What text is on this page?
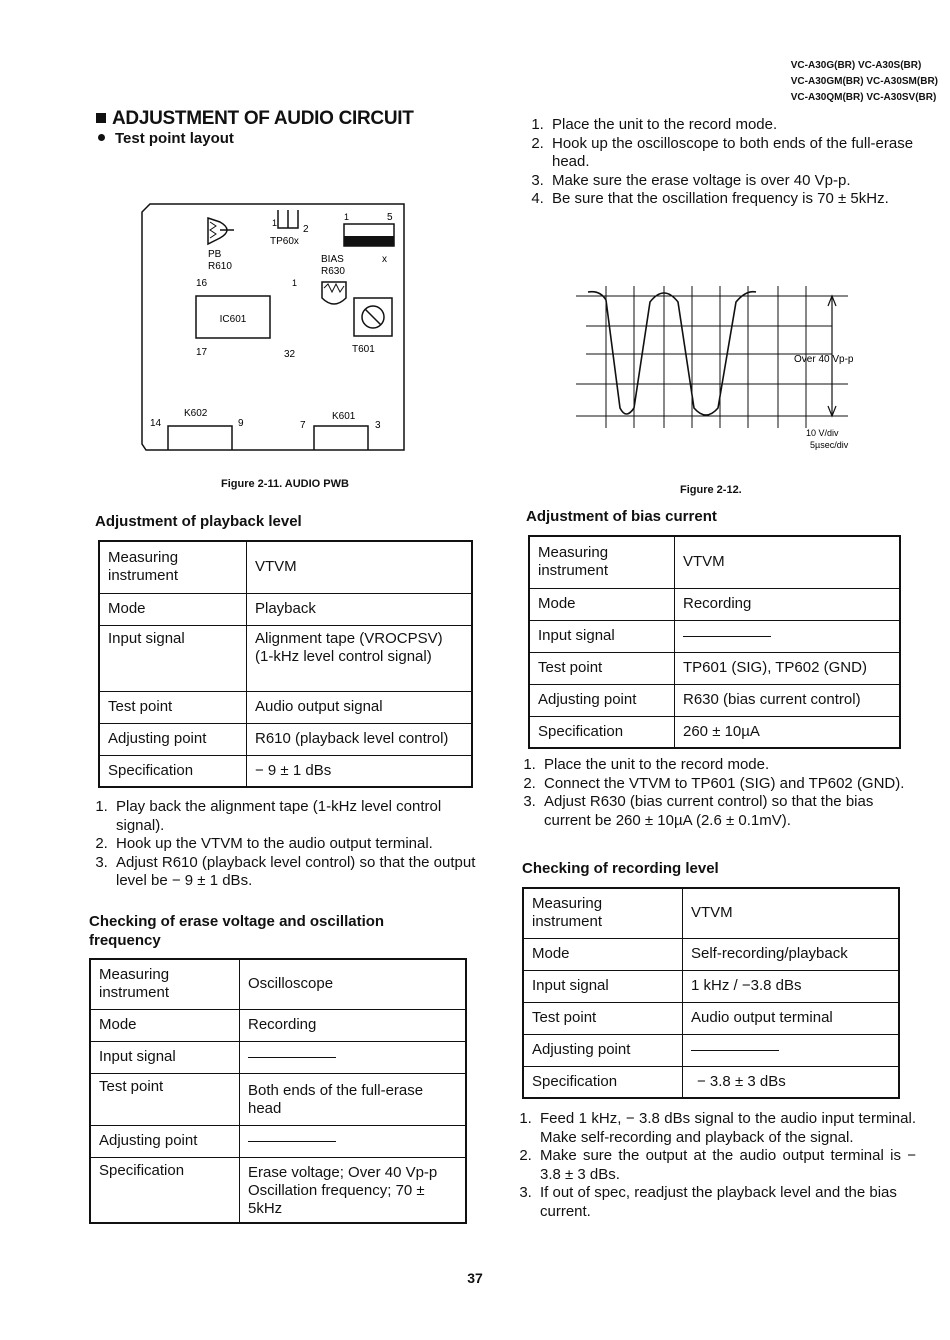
VC-A30G(BR) VC-A30S(BR)
VC-A30GM(BR) VC-A30SM(BR)
VC-A30QM(BR) VC-A30SV(BR)
ADJUSTMENT OF AUDIO CIRCUIT
Test point layout
PB
R610
1
2
TP60x
1	5
BIAS
R630
x
IC601
16	1
17	32	T601
K602
14	9
K601
7	3
Figure 2-11. AUDIO PWB
1. Place the unit to the record mode.
2. Hook up the oscilloscope to both ends of the full-erase head.
3. Make sure the erase voltage is over 40 Vp-p.
4. Be sure that the oscillation frequency is 70 ± 5kHz.
Over 40 Vp-p
10 V/div
5µsec/div
Figure 2-12.
Adjustment of playback level
Measuring instrument	VTVM
Mode	Playback
Input signal	Alignment tape (VROCPSV) (1-kHz level control signal)
Test point	Audio output signal
Adjusting point	R610 (playback level control)
Specification	− 9 ± 1 dBs
1. Play back the alignment tape (1-kHz level control signal).
2. Hook up the VTVM to the audio output terminal.
3. Adjust R610 (playback level control) so that the output level be − 9 ± 1 dBs.
Checking of erase voltage and oscillation frequency
Measuring instrument	Oscilloscope
Mode	Recording
Input signal	
Test point	Both ends of the full-erase head
Adjusting point	
Specification	Erase voltage; Over 40 Vp-p Oscillation frequency; 70 ± 5kHz
Adjustment of bias current
Measuring instrument	VTVM
Mode	Recording
Input signal	
Test point	TP601 (SIG), TP602 (GND)
Adjusting point	R630 (bias current control)
Specification	260 ± 10µA
1. Place the unit to the record mode.
2. Connect the VTVM to TP601 (SIG) and TP602 (GND).
3. Adjust R630 (bias current control) so that the bias current be 260 ± 10µA (2.6 ± 0.1mV).
Checking of recording level
Measuring instrument	VTVM
Mode	Self-recording/playback
Input signal	1 kHz / −3.8 dBs
Test point	Audio output terminal
Adjusting point	
Specification	− 3.8 ± 3 dBs
1. Feed 1 kHz, − 3.8 dBs signal to the audio input terminal. Make self-recording and playback of the signal.
2. Make sure the output at the audio output terminal is − 3.8 ± 3 dBs.
3. If out of spec, readjust the playback level and the bias current.
37
